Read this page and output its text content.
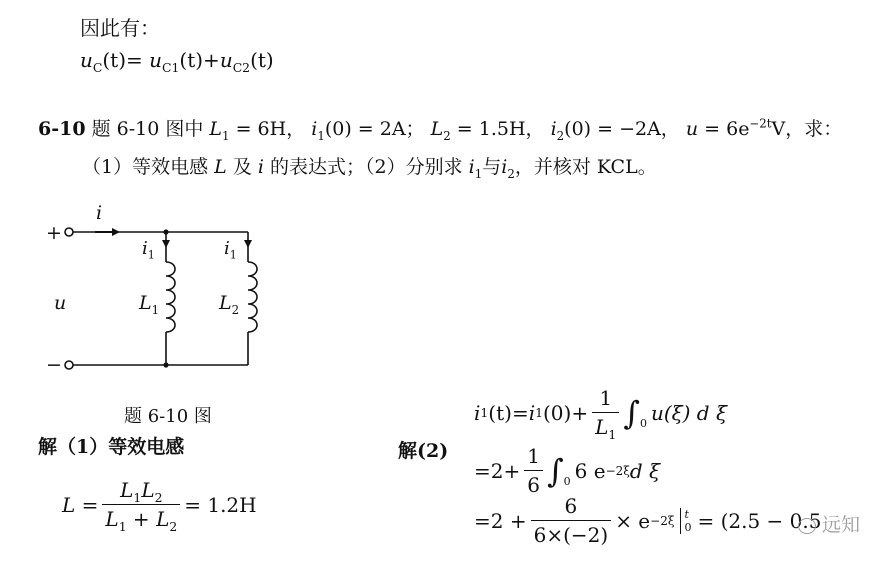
因此有：
$u_C(t)= u_{C1}(t)+u_{C2}(t)$
6-10 题 6-10 图中 $L_1 = 6H$， $i_1(0) = 2A$； $L_2 = 1.5H$， $i_2(0) = -2A$， $u = 6e^{-2t}V$，求：
（1）等效电感 L 及 i 的表达式；（2）分别求 $i_1$与$i_2$，并核对 KCL。
+
−
i
$i_1$	$i_1$
u	$L_1$	$L_2$
题 6-10 图
解（1）等效电感
$L = \frac{L_1L_2}{L_1 + L_2} = 1.2H$
解(2)
i 1 (t)= i 1 $(0)+ \frac{1}{L_1}$ ∫ 0 u(ξ) d ξ
$=2+ \frac{1}{6}$ ∫ 0 6 e −2ξ d ξ
$=2 + \frac{6}{6\times(-2)} \times e -2\xi$ t
0 = (2.5 − 0.5 远知
